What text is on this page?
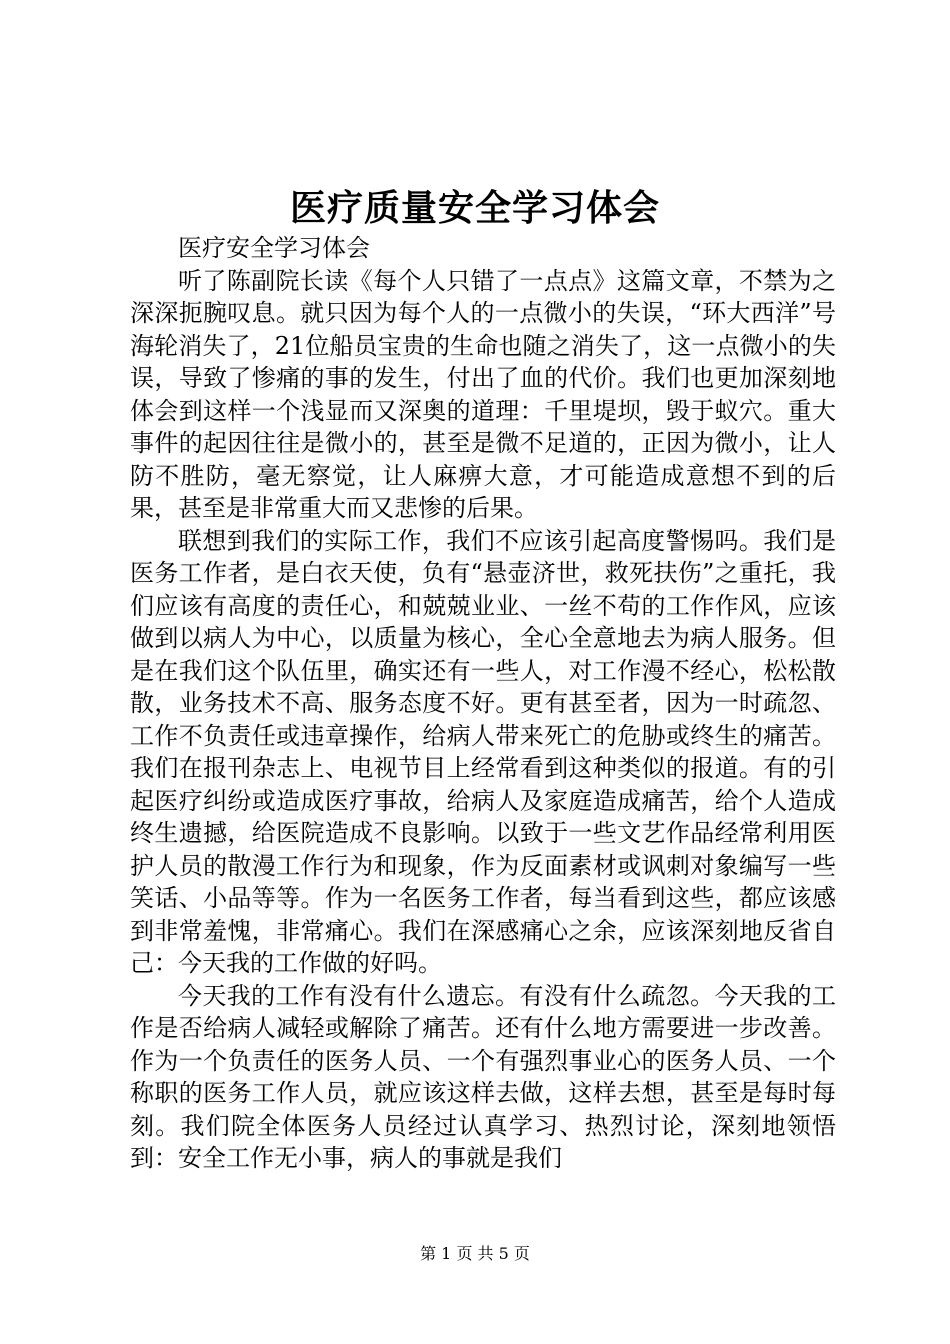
医疗质量安全学习体会

医疗安全学习体会

听了陈副院长读《每个人只错了一点点》这篇文章，不禁为之深深扼腕叹息。就只因为每个人的一点微小的失误，“环大西洋”号海轮消失了，21位船员宝贵的生命也随之消失了，这一点微小的失误，导致了惨痛的事的发生，付出了血的代价。我们也更加深刻地体会到这样一个浅显而又深奥的道理：千里堤坝，毁于蚁穴。重大事件的起因往往是微小的，甚至是微不足道的，正因为微小，让人防不胜防，毫无察觉，让人麻痹大意，才可能造成意想不到的后果，甚至是非常重大而又悲惨的后果。

联想到我们的实际工作，我们不应该引起高度警惕吗。我们是医务工作者，是白衣天使，负有“悬壶济世，救死扶伤”之重托，我们应该有高度的责任心，和兢兢业业、一丝不苟的工作作风，应该做到以病人为中心，以质量为核心，全心全意地去为病人服务。但是在我们这个队伍里，确实还有一些人，对工作漫不经心，松松散散，业务技术不高、服务态度不好。更有甚至者，因为一时疏忽、工作不负责任或违章操作，给病人带来死亡的危胁或终生的痛苦。我们在报刊杂志上、电视节目上经常看到这种类似的报道。有的引起医疗纠纷或造成医疗事故，给病人及家庭造成痛苦，给个人造成终生遗撼，给医院造成不良影响。以致于一些文艺作品经常利用医护人员的散漫工作行为和现象，作为反面素材或讽刺对象编写一些笑话、小品等等。作为一名医务工作者，每当看到这些，都应该感到非常羞愧，非常痛心。我们在深感痛心之余，应该深刻地反省自己：今天我的工作做的好吗。

今天我的工作有没有什么遗忘。有没有什么疏忽。今天我的工作是否给病人减轻或解除了痛苦。还有什么地方需要进一步改善。作为一个负责任的医务人员、一个有强烈事业心的医务人员、一个称职的医务工作人员，就应该这样去做，这样去想，甚至是每时每刻。我们院全体医务人员经过认真学习、热烈讨论，深刻地领悟到：安全工作无小事，病人的事就是我们

第 1 页 共 5 页
